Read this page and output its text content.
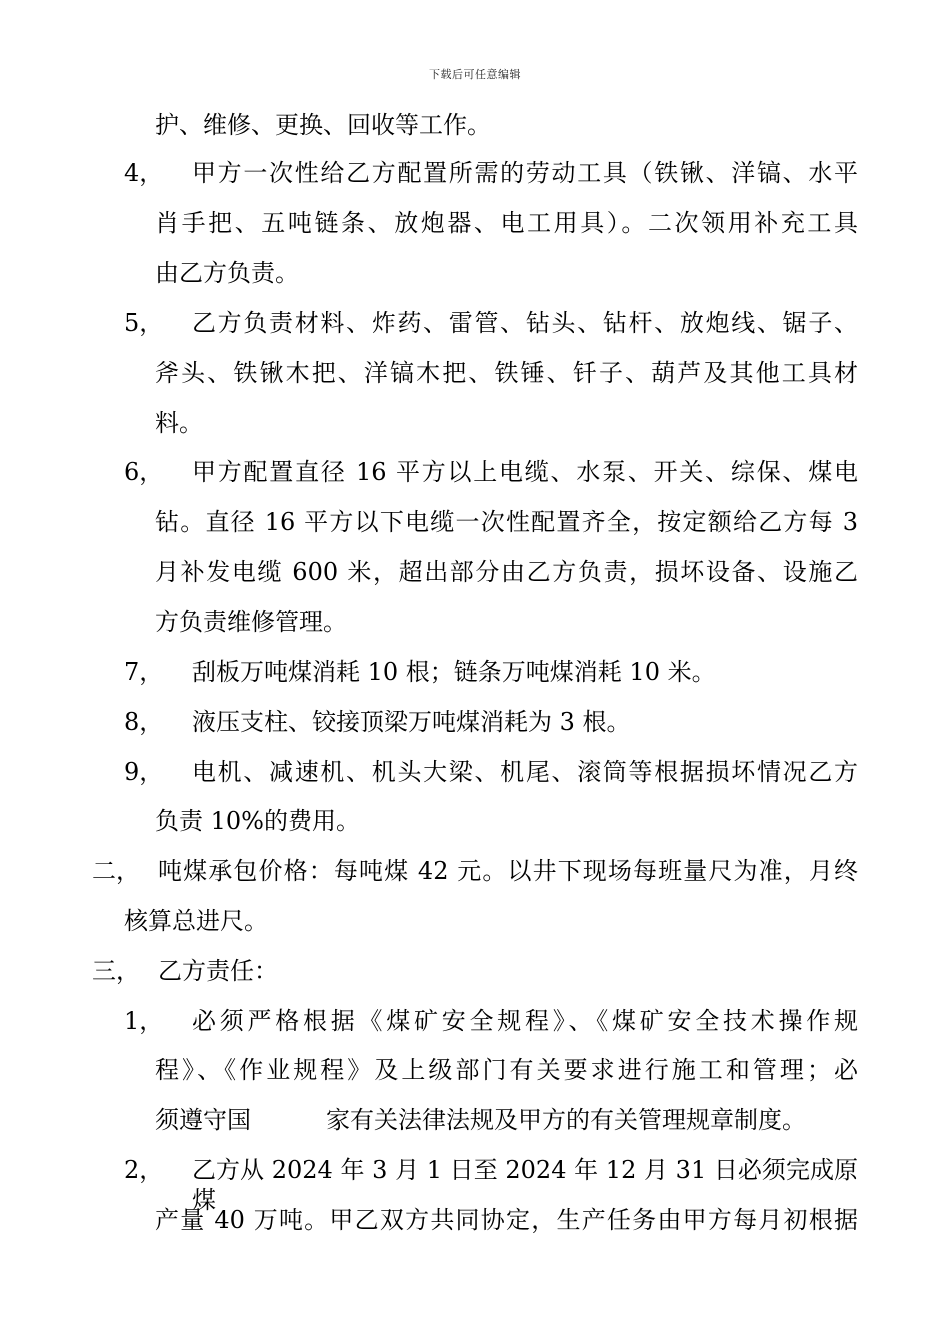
下载后可任意编辑
护、维修、更换、回收等工作。
4， 甲方一次性给乙方配置所需的劳动工具（铁锹、洋镐、水平
肖手把、五吨链条、放炮器、电工用具）。二次领用补充工具
由乙方负责。
5， 乙方负责材料、炸药、雷管、钻头、钻杆、放炮线、锯子、
斧头、铁锹木把、洋镐木把、铁锤、钎子、葫芦及其他工具材
料。
6， 甲方配置直径 16 平方以上电缆、水泵、开关、综保、煤电
钻。直径 16 平方以下电缆一次性配置齐全，按定额给乙方每 3
月补发电缆 600 米，超出部分由乙方负责，损坏设备、设施乙
方负责维修管理。
7， 刮板万吨煤消耗 10 根；链条万吨煤消耗 10 米。
8， 液压支柱、铰接顶梁万吨煤消耗为 3 根。
9， 电机、减速机、机头大梁、机尾、滚筒等根据损坏情况乙方
负责 10%的费用。
二， 吨煤承包价格：每吨煤 42 元。以井下现场每班量尺为准，月终
核算总进尺。
三， 乙方责任：
1， 必须严格根据《煤矿安全规程》、《煤矿安全技术操作规
程》、《作业规程》及上级部门有关要求进行施工和管理；必
须遵守国	家有关法律法规及甲方的有关管理规章制度。
2， 乙方从 2024 年 3 月 1 日至 2024 年 12 月 31 日必须完成原煤
产量 40 万吨。甲乙双方共同协定，生产任务由甲方每月初根据
